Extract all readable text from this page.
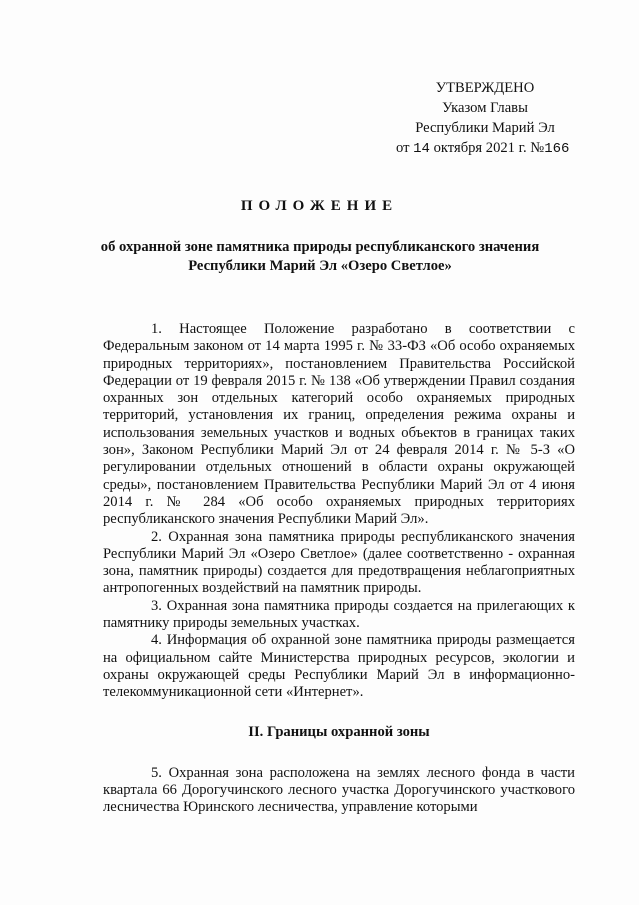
УТВЕРЖДЕНО
Указом Главы
Республики Марий Эл
от 14 октября 2021 г. №166
ПОЛОЖЕНИЕ
об охранной зоне памятника природы республиканского значения Республики Марий Эл «Озеро Светлое»

1. Настоящее Положение разработано в соответствии с Федеральным законом от 14 марта 1995 г. № 33-ФЗ «Об особо охраняемых природных территориях», постановлением Правительства Российской Федерации от 19 февраля 2015 г. № 138 «Об утверждении Правил создания охранных зон отдельных категорий особо охраняемых природных территорий, установления их границ, определения режима охраны и использования земельных участков и водных объектов в границах таких зон», Законом Республики Марий Эл от 24 февраля 2014 г. № 5-З «О регулировании отдельных отношений в области охраны окружающей среды», постановлением Правительства Республики Марий Эл от 4 июня 2014 г. № 284 «Об особо охраняемых природных территориях республиканского значения Республики Марий Эл».

2. Охранная зона памятника природы республиканского значения Республики Марий Эл «Озеро Светлое» (далее соответственно - охранная зона, памятник природы) создается для предотвращения неблагоприятных антропогенных воздействий на памятник природы.

3. Охранная зона памятника природы создается на прилегающих к памятнику природы земельных участках.

4. Информация об охранной зоне памятника природы размещается на официальном сайте Министерства природных ресурсов, экологии и охраны окружающей среды Республики Марий Эл в информационно-телекоммуникационной сети «Интернет».

II. Границы охранной зоны

5. Охранная зона расположена на землях лесного фонда в части квартала 66 Дорогучинского лесного участка Дорогучинского участкового лесничества Юринского лесничества, управление которыми
